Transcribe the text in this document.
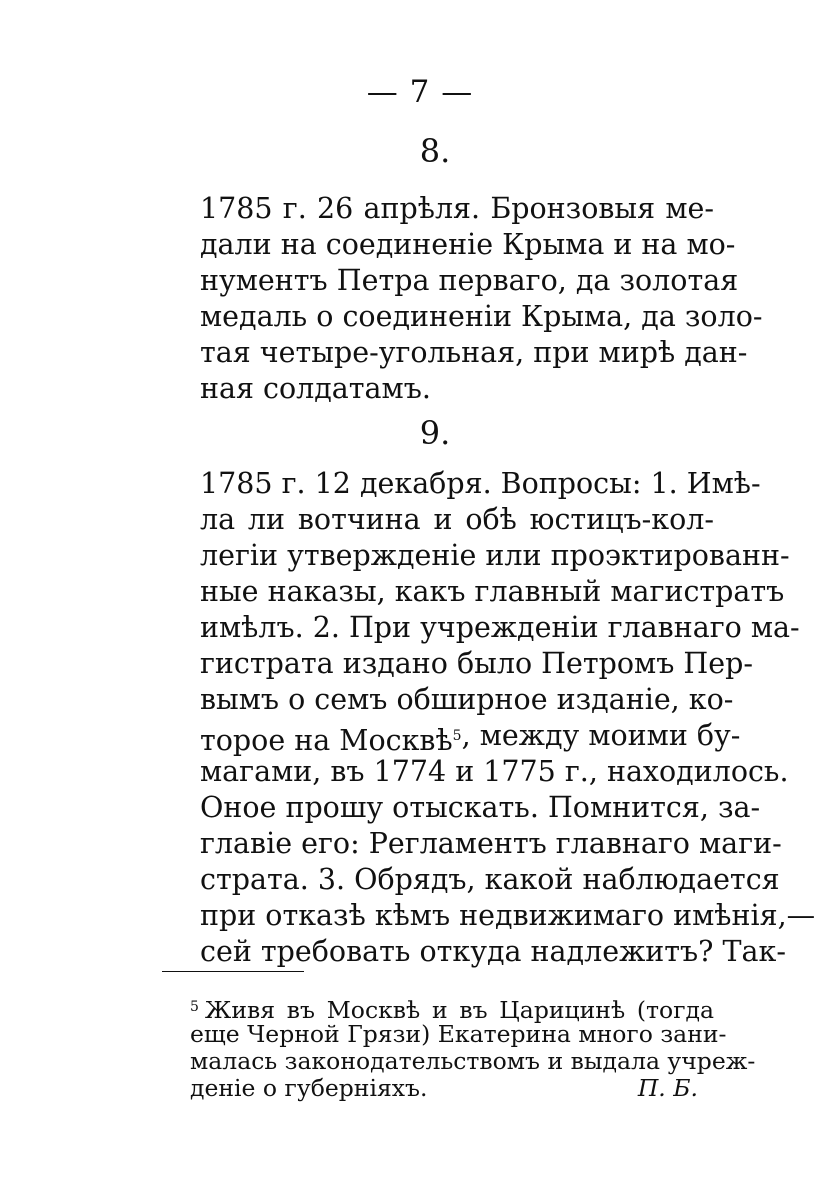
— 7 —
8.
1785 г. 26 апрѣля. Бронзовыя ме-
дали на соединеніе Крыма и на мо-
нументъ Петра перваго, да золотая
медаль о соединеніи Крыма, да золо-
тая четыре-угольная, при мирѣ дан-
ная солдатамъ.
9.
1785 г. 12 декабря. Вопросы: 1. Имѣ-
ла ли вотчина и обѣ юстицъ-кол-
легіи утвержденіе или проэктированн-
ные наказы, какъ главный магистратъ
имѣлъ. 2. При учрежденіи главнаго ма-
гистрата издано было Петромъ Пер-
вымъ о семъ обширное изданіе, ко-
торое на Москвѣ$^5$ , между моими бу-
магами, въ 1774 и 1775 г., находилось.
Оное прошу отыскать. Помнится, за-
главіе его: Регламентъ главнаго маги-
страта. 3. Обрядъ, какой наблюдается
при отказѣ кѣмъ недвижимаго имѣнія,—
сей требовать откуда надлежитъ? Так-
$^5$ Живя въ Москвѣ и въ Царицинѣ (тогда
еще Черной Грязи) Екатерина много зани-
малась законодательствомъ и выдала учреж-
деніе о губерніяхъ.	П. Б.
